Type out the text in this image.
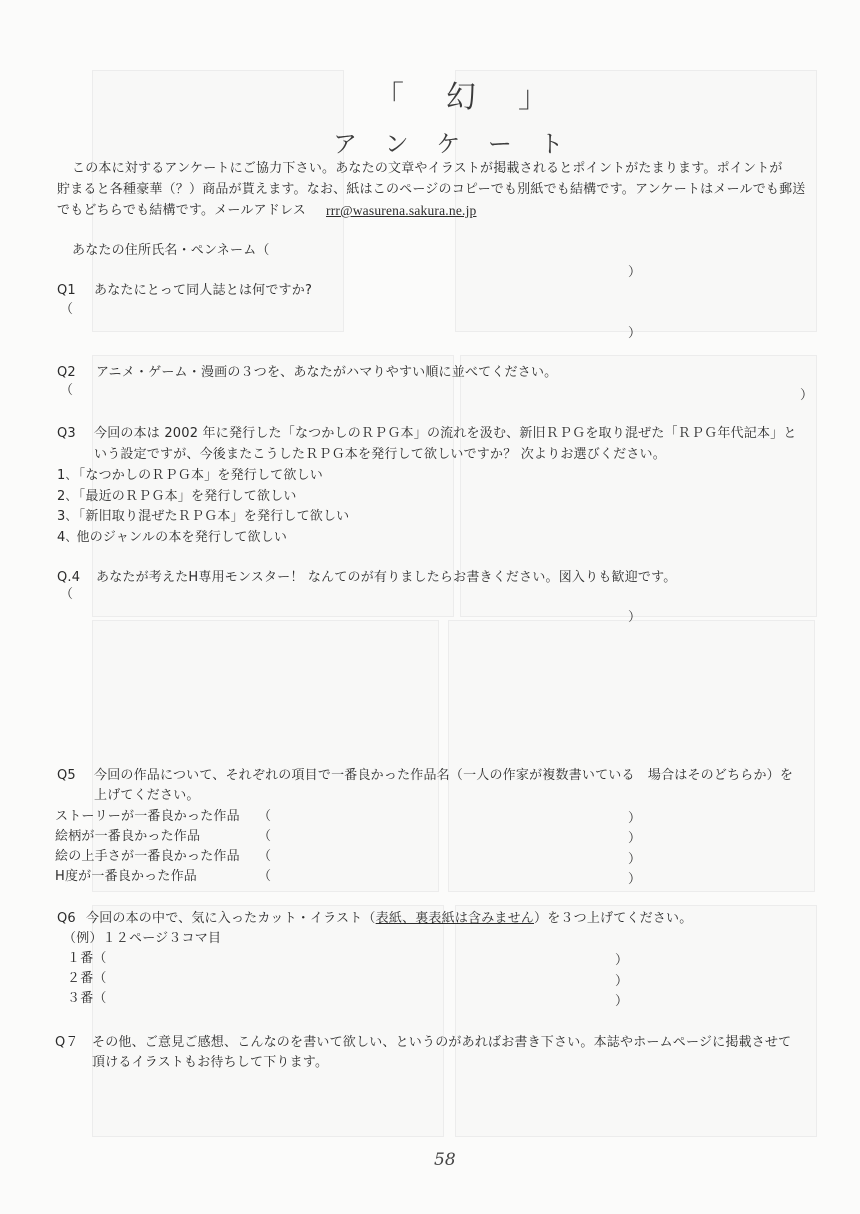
「　幻　」
ア ン ケ ー ト
この本に対するアンケートにご協力下さい。あなたの文章やイラストが掲載されるとポイントがたまります。ポイントが
貯まると各種豪華（？）商品が貰えます。なお、紙はこのページのコピーでも別紙でも結構です。アンケートはメールでも郵送
でもどちらでも結構です。メールアドレス rrr@wasurena.sakura.ne.jp
あなたの住所氏名・ペンネーム（
）
Q1 あなたにとって同人誌とは何ですか?
（
）
Q2 アニメ・ゲーム・漫画の３つを、あなたがハマりやすい順に並べてください。
（	）
Q3 今回の本は 2002 年に発行した「なつかしのＲＰＧ本」の流れを汲む、新旧ＲＰＧを取り混ぜた「ＲＰＧ年代記本」と
いう設定ですが、今後またこうしたＲＰＧ本を発行して欲しいですか？ 次よりお選びください。
1､「なつかしのＲＰＧ本」を発行して欲しい
2､「最近のＲＰＧ本」を発行して欲しい
3､「新旧取り混ぜたＲＰＧ本」を発行して欲しい
4､ 他のジャンルの本を発行して欲しい
Q.4 あなたが考えたH専用モンスター！ なんてのが有りましたらお書きください。図入りも歓迎です。
（
）
Q5 今回の作品について、それぞれの項目で一番良かった作品名（一人の作家が複数書いている　場合はそのどちらか）を
上げてください。
ストーリーが一番良かった作品 （	）
絵柄が一番良かった作品	（	）
絵の上手さが一番良かった作品 （	）
H度が一番良かった作品	（	）
Q6 今回の本の中で、気に入ったカット・イラスト（表紙、裏表紙は含みません）を３つ上げてください。
（例）１２ページ３コマ目
１番（	）
２番（	）
３番（	）
Q７ その他、ご意見ご感想、こんなのを書いて欲しい、というのがあればお書き下さい。本誌やホームページに掲載させて
頂けるイラストもお待ちして下ります。
58
